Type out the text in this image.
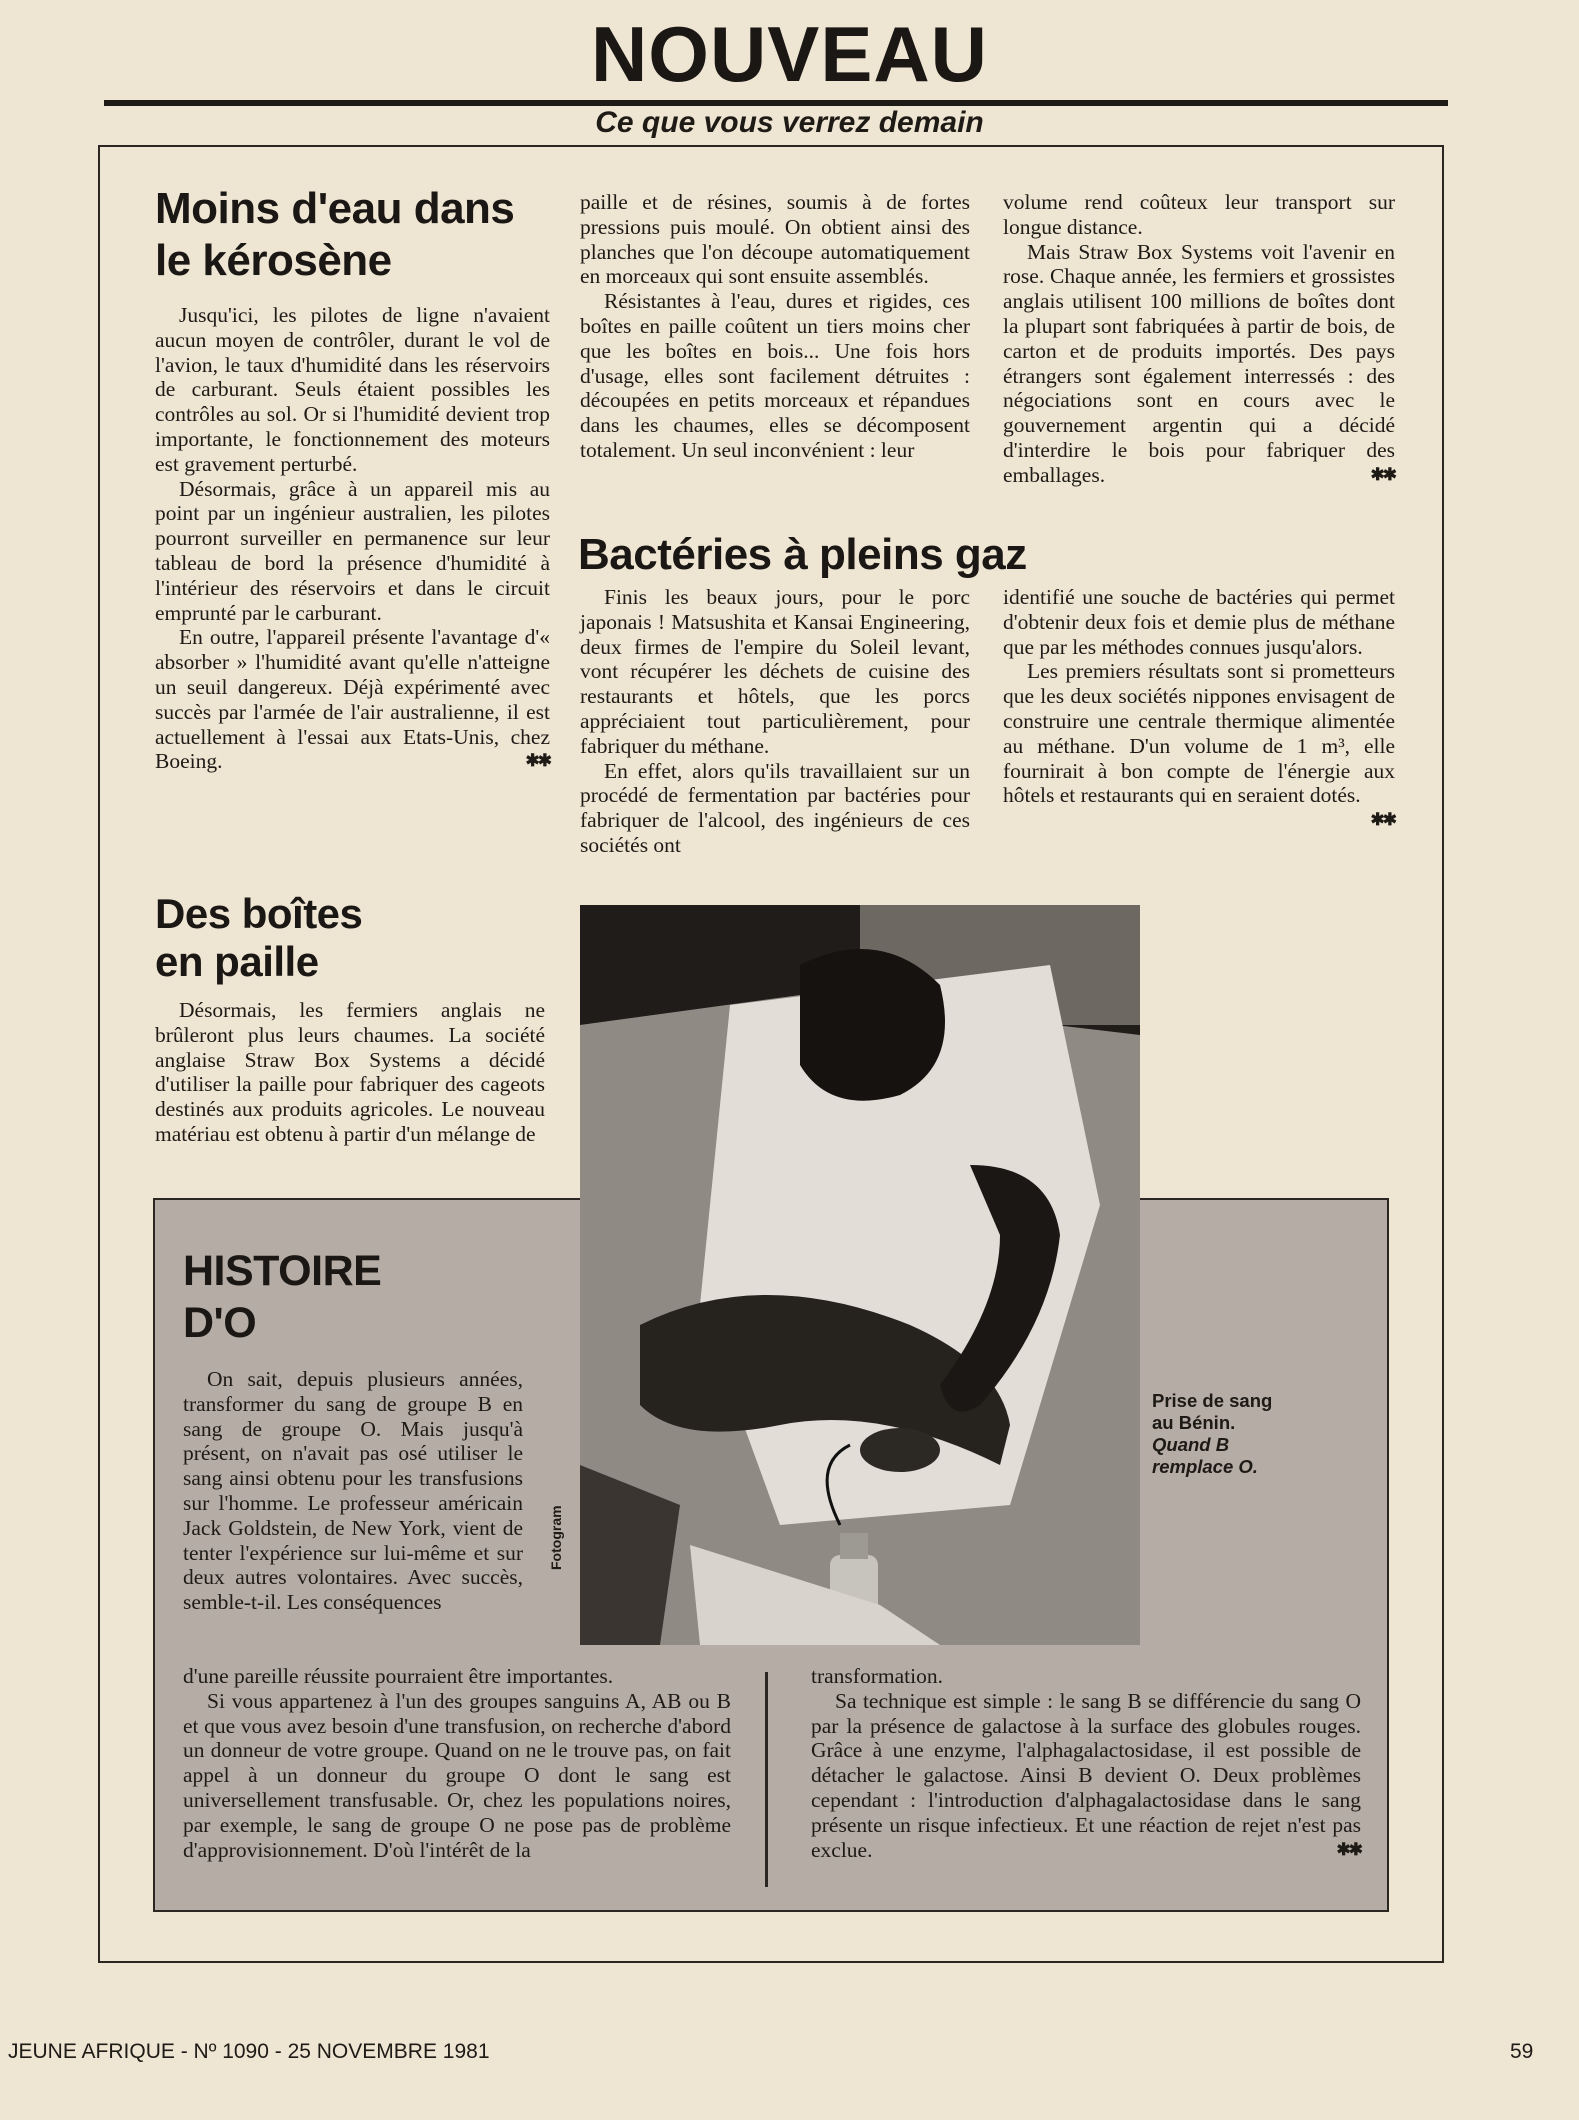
NOUVEAU
Ce que vous verrez demain
Moins d'eau dans le kérosène

Jusqu'ici, les pilotes de ligne n'avaient aucun moyen de contrôler, durant le vol de l'avion, le taux d'humidité dans les réservoirs de carburant. Seuls étaient possibles les contrôles au sol. Or si l'humidité devient trop importante, le fonctionnement des moteurs est gravement perturbé.

Désormais, grâce à un appareil mis au point par un ingénieur australien, les pilotes pourront surveiller en permanence sur leur tableau de bord la présence d'humidité à l'intérieur des réservoirs et dans le circuit emprunté par le carburant.

En outre, l'appareil présente l'avantage d'« absorber » l'humidité avant qu'elle n'atteigne un seuil dangereux. Déjà expérimenté avec succès par l'armée de l'air australienne, il est actuellement à l'essai aux Etats-Unis, chez Boeing.	✱✱

Des boîtes en paille

Désormais, les fermiers anglais ne brûleront plus leurs chaumes. La société anglaise Straw Box Systems a décidé d'utiliser la paille pour fabriquer des cageots destinés aux produits agricoles. Le nouveau matériau est obtenu à partir d'un mélange de

paille et de résines, soumis à de fortes pressions puis moulé. On obtient ainsi des planches que l'on découpe automatiquement en morceaux qui sont ensuite assemblés.

Résistantes à l'eau, dures et rigides, ces boîtes en paille coûtent un tiers moins cher que les boîtes en bois... Une fois hors d'usage, elles sont facilement détruites : découpées en petits morceaux et répandues dans les chaumes, elles se décomposent totalement. Un seul inconvénient : leur

volume rend coûteux leur transport sur longue distance.

Mais Straw Box Systems voit l'avenir en rose. Chaque année, les fermiers et grossistes anglais utilisent 100 millions de boîtes dont la plupart sont fabriquées à partir de bois, de carton et de produits importés. Des pays étrangers sont également interressés : des négociations sont en cours avec le gouvernement argentin qui a décidé d'interdire le bois pour fabriquer des emballages.	✱✱

Bactéries à pleins gaz

Finis les beaux jours, pour le porc japonais ! Matsushita et Kansai Engineering, deux firmes de l'empire du Soleil levant, vont récupérer les déchets de cuisine des restaurants et hôtels, que les porcs appréciaient tout particulièrement, pour fabriquer du méthane.

En effet, alors qu'ils travaillaient sur un procédé de fermentation par bactéries pour fabriquer de l'alcool, des ingénieurs de ces sociétés ont

identifié une souche de bactéries qui permet d'obtenir deux fois et demie plus de méthane que par les méthodes connues jusqu'alors.

Les premiers résultats sont si prometteurs que les deux sociétés nippones envisagent de construire une centrale thermique alimentée au méthane. D'un volume de 1 m³, elle fournirait à bon compte de l'énergie aux hôtels et restaurants qui en seraient dotés.
✱✱

Fotogram
Prise de sang
au Bénin.
Quand B
remplace O.
HISTOIRE
D'O

On sait, depuis plusieurs années, transformer du sang de groupe B en sang de groupe O. Mais jusqu'à présent, on n'avait pas osé utiliser le sang ainsi obtenu pour les transfusions sur l'homme. Le professeur américain Jack Goldstein, de New York, vient de tenter l'expérience sur lui-même et sur deux autres volontaires. Avec succès, semble-t-il. Les conséquences

d'une pareille réussite pourraient être importantes.

Si vous appartenez à l'un des groupes sanguins A, AB ou B et que vous avez besoin d'une transfusion, on recherche d'abord un donneur de votre groupe. Quand on ne le trouve pas, on fait appel à un donneur du groupe O dont le sang est universellement transfusable. Or, chez les populations noires, par exemple, le sang de groupe O ne pose pas de problème d'approvisionnement. D'où l'intérêt de la

transformation.

Sa technique est simple : le sang B se différencie du sang O par la présence de galactose à la surface des globules rouges. Grâce à une enzyme, l'alphagalactosidase, il est possible de détacher le galactose. Ainsi B devient O. Deux problèmes cependant : l'introduction d'alphagalactosidase dans le sang présente un risque infectieux. Et une réaction de rejet n'est pas exclue.	✱✱

JEUNE AFRIQUE - Nº 1090 - 25 NOVEMBRE 1981	59
